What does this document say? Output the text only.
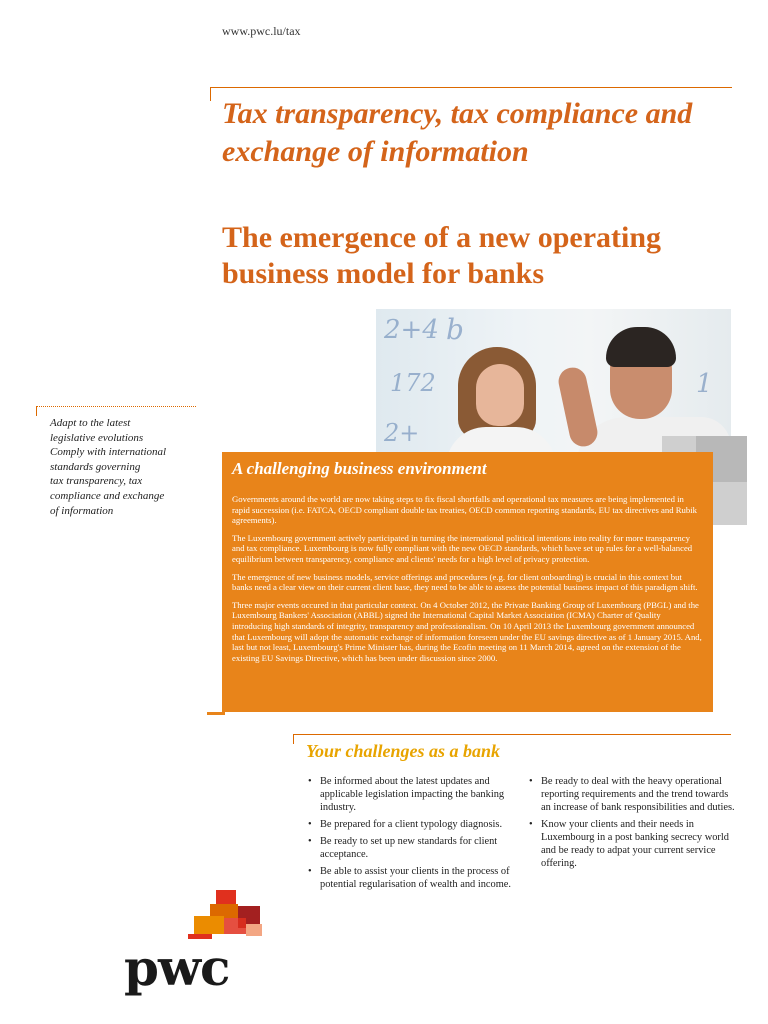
www.pwc.lu/tax
Tax transparency, tax compliance and exchange of information
The emergence of a new operating business model for banks
2+4 b
172
2+
1
Adapt to the latest
legislative evolutions
Comply with international
standards governing
tax transparency, tax
compliance and exchange
of information
A challenging business environment

Governments around the world are now taking steps to fix fiscal shortfalls and operational tax measures are being implemented in rapid succession (i.e. FATCA, OECD compliant double tax treaties, OECD common reporting standards, EU tax directives and Rubik agreements).

The Luxembourg government actively participated in turning the international political intentions into reality for more transparency and tax compliance. Luxembourg is now fully compliant with the new OECD standards, which have set up rules for a well-balanced equilibrium between transparency, compliance and clients' needs for a high level of privacy protection.

The emergence of new business models, service offerings and procedures (e.g. for client onboarding) is crucial in this context but banks need a clear view on their current client base, they need to be able to assess the potential business impact of this paradigm shift.

Three major events occured in that particular context. On 4 October 2012, the Private Banking Group of Luxembourg (PBGL) and the Luxembourg Bankers' Association (ABBL) signed the International Capital Market Association (ICMA) Charter of Quality introducing high standards of integrity, transparency and professionalism. On 10 April 2013 the Luxembourg government announced that Luxembourg will adopt the automatic exchange of information foreseen under the EU savings directive as of 1 January 2015. And, last but not least, Luxembourg's Prime Minister has, during the Ecofin meeting on 11 March 2014, agreed on the extension of the existing EU Savings Directive, which has been under discussion since 2000.

Your challenges as a bank
• Be informed about the latest updates and applicable legislation impacting the banking industry.
• Be prepared for a client typology diagnosis.
• Be ready to set up new standards for client acceptance.
• Be able to assist your clients in the process of potential regularisation of wealth and income.
• Be ready to deal with the heavy operational reporting requirements and the trend towards an increase of bank responsibilities and duties.
• Know your clients and their needs in Luxembourg in a post banking secrecy world and be ready to adpat your current service offering.
pwc
